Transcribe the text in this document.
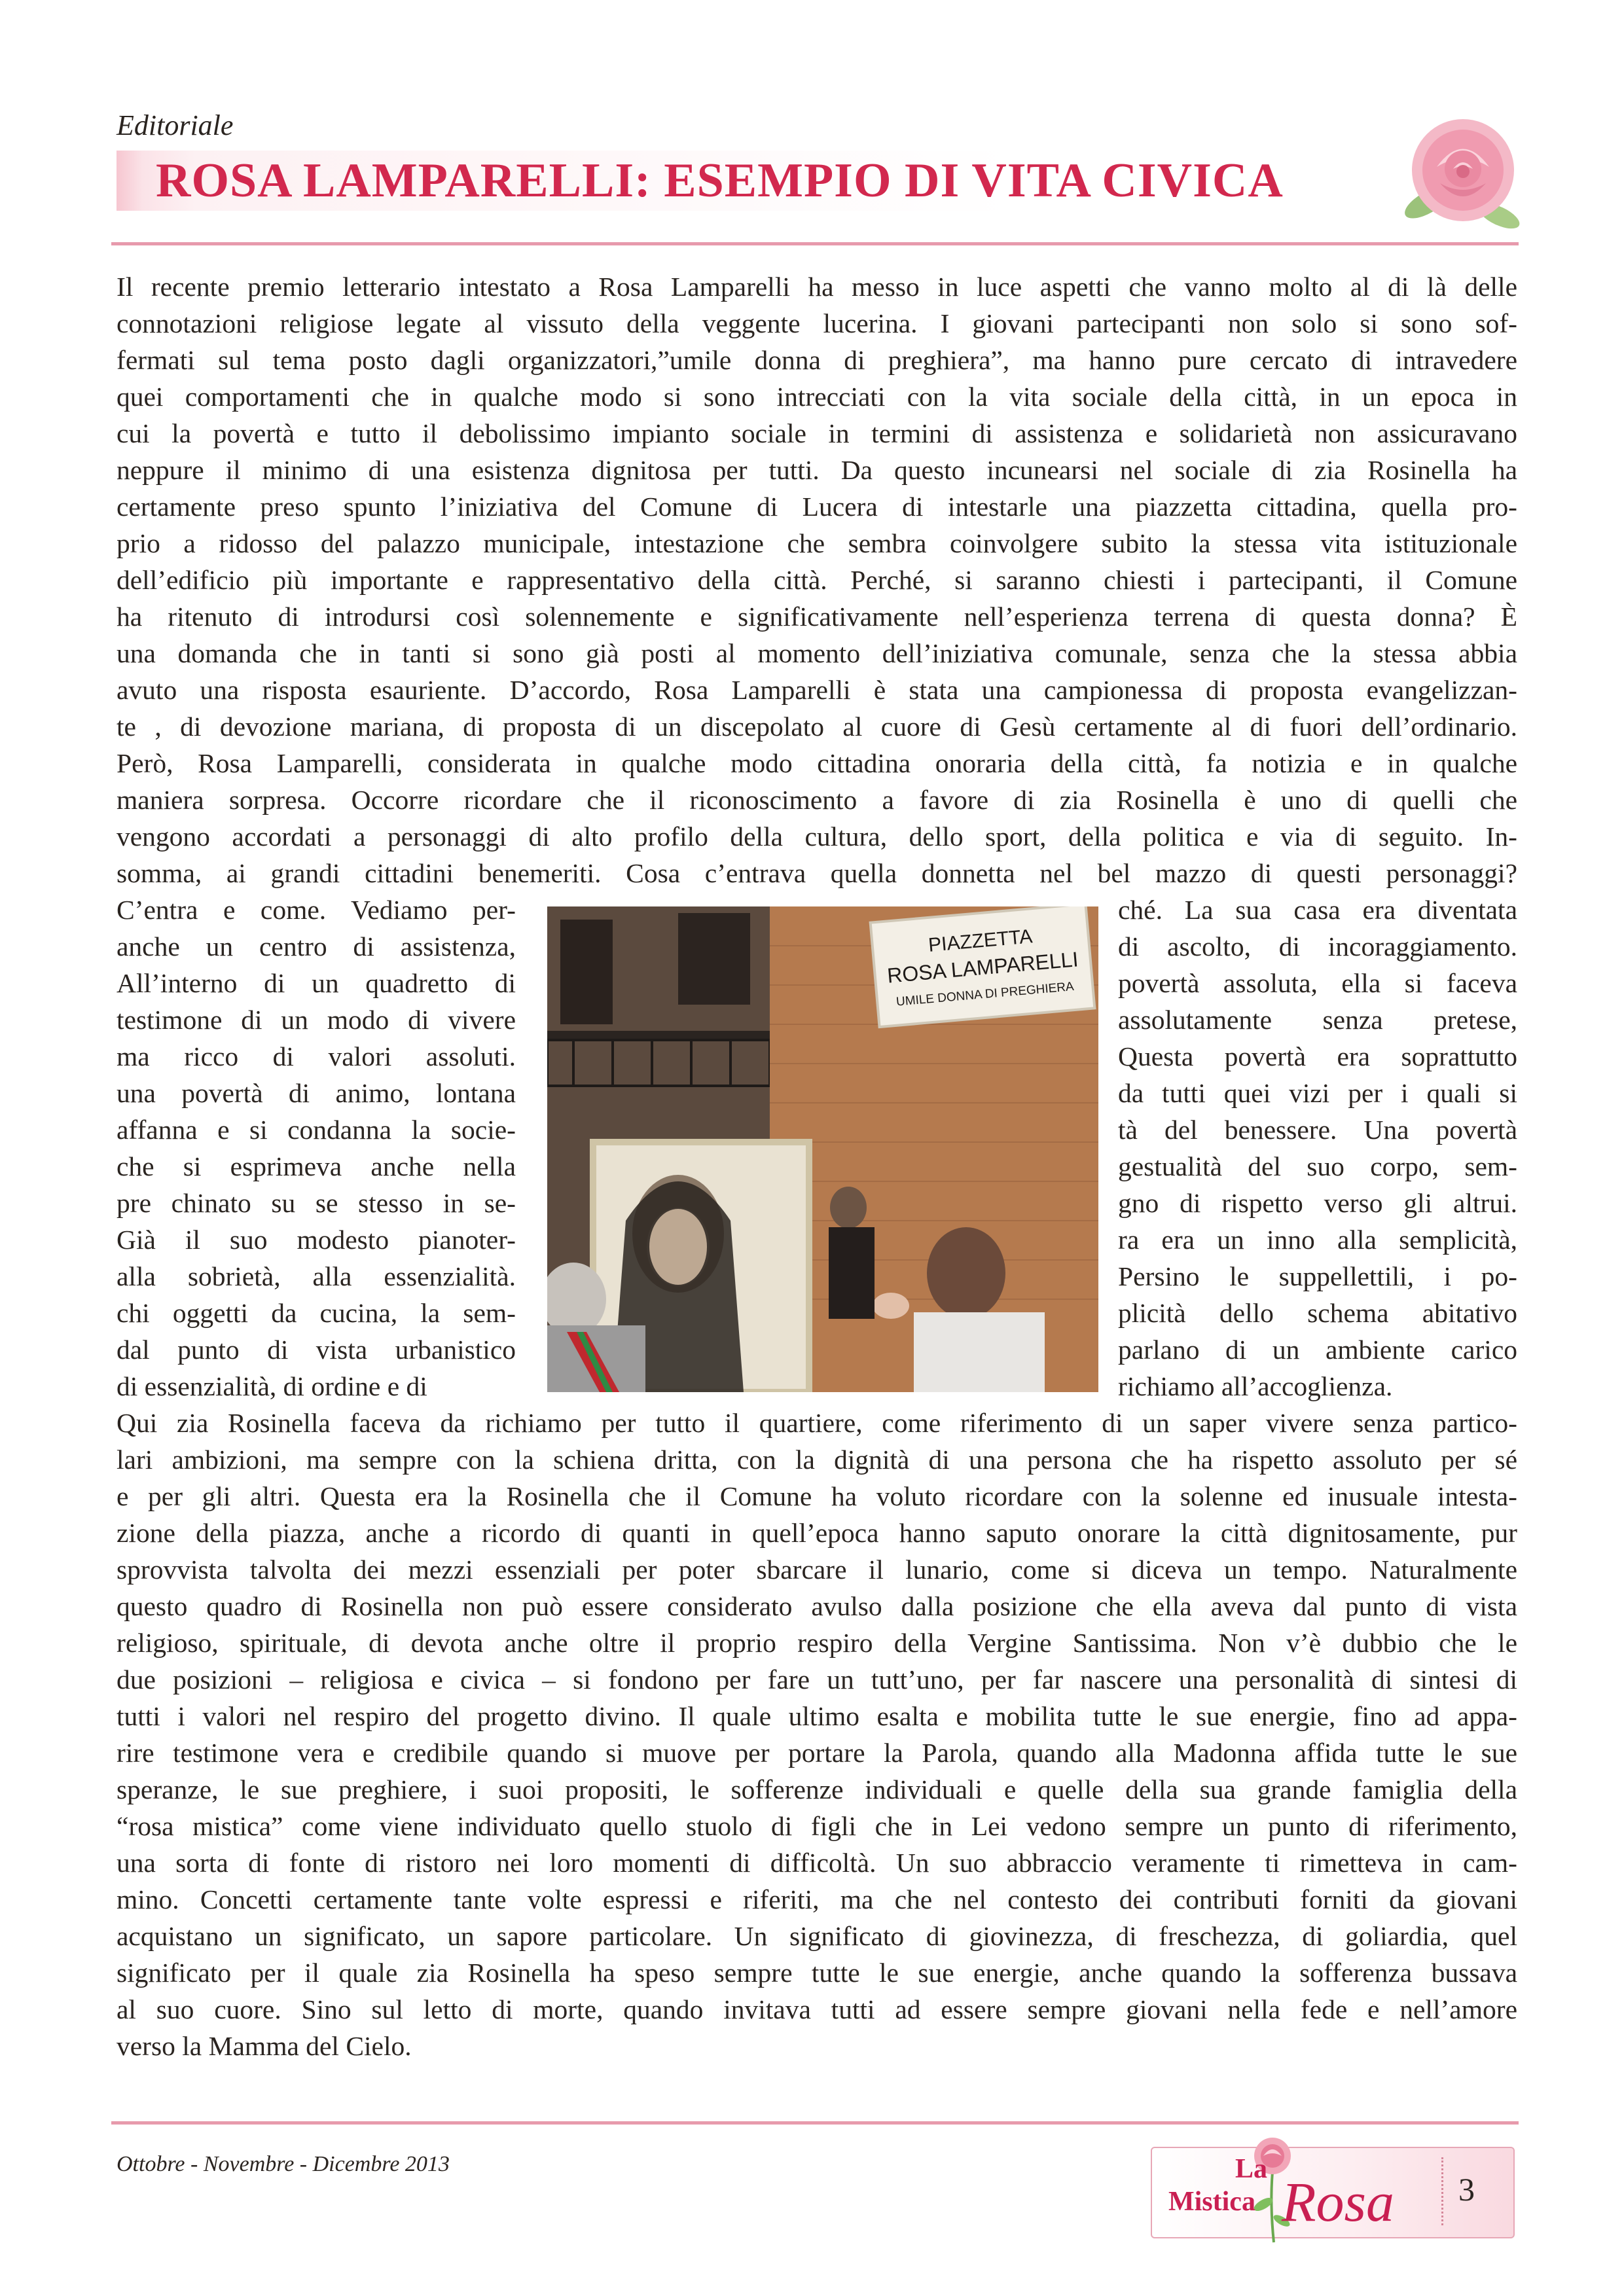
Editoriale
ROSA LAMPARELLI: ESEMPIO DI VITA CIVICA
Il recente premio letterario intestato a Rosa Lamparelli ha messo in luce aspetti che vanno molto al di là delle
connotazioni religiose legate al vissuto della veggente lucerina. I giovani partecipanti non solo si sono sof-
fermati sul tema posto dagli organizzatori,”umile donna di preghiera”, ma hanno pure cercato di intravedere
quei comportamenti che in qualche modo si sono intrecciati con la vita sociale della città, in un epoca in
cui la povertà e tutto il debolissimo impianto sociale in termini di assistenza e solidarietà non assicuravano
neppure il minimo di una esistenza dignitosa per tutti. Da questo incunearsi nel sociale di zia Rosinella ha
certamente preso spunto l’iniziativa del Comune di Lucera di intestarle una piazzetta cittadina, quella pro-
prio a ridosso del palazzo municipale, intestazione che sembra coinvolgere subito la stessa vita istituzionale
dell’edificio più importante e rappresentativo della città. Perché, si saranno chiesti i partecipanti, il Comune
ha ritenuto di introdursi così solennemente e significativamente nell’esperienza terrena di questa donna? È
una domanda che in tanti si sono già posti al momento dell’iniziativa comunale, senza che la stessa abbia
avuto una risposta esauriente. D’accordo, Rosa Lamparelli è stata una campionessa di proposta evangelizzan-
te , di devozione mariana, di proposta di un discepolato al cuore di Gesù certamente al di fuori dell’ordinario.
Però, Rosa Lamparelli, considerata in qualche modo cittadina onoraria della città, fa notizia e in qualche
maniera sorpresa. Occorre ricordare che il riconoscimento a favore di zia Rosinella è uno di quelli che
vengono accordati a personaggi di alto profilo della cultura, dello sport, della politica e via di seguito. In-
somma, ai grandi cittadini benemeriti. Cosa c’entrava quella donnetta nel bel mazzo di questi personaggi?
C’entra e come. Vediamo per-
anche un centro di assistenza,
All’interno di un quadretto di
testimone di un modo di vivere
ma ricco di valori assoluti.
una povertà di animo, lontana
affanna e si condanna la socie-
che si esprimeva anche nella
pre chinato su se stesso in se-
Già il suo modesto pianoter-
alla sobrietà, alla essenzialità.
chi oggetti da cucina, la sem-
dal punto di vista urbanistico
di essenzialità, di ordine e di
ché. La sua casa era diventata
di ascolto, di incoraggiamento.
povertà assoluta, ella si faceva
assolutamente senza pretese,
Questa povertà era soprattutto
da tutti quei vizi per i quali si
tà del benessere. Una povertà
gestualità del suo corpo, sem-
gno di rispetto verso gli altrui.
ra era un inno alla semplicità,
Persino le suppellettili, i po-
plicità dello schema abitativo
parlano di un ambiente carico
richiamo all’accoglienza.
PIAZZETTA
ROSA LAMPARELLI
UMILE DONNA DI PREGHIERA
Qui zia Rosinella faceva da richiamo per tutto il quartiere, come riferimento di un saper vivere senza partico-
lari ambizioni, ma sempre con la schiena dritta, con la dignità di una persona che ha rispetto assoluto per sé
e per gli altri. Questa era la Rosinella che il Comune ha voluto ricordare con la solenne ed inusuale intesta-
zione della piazza, anche a ricordo di quanti in quell’epoca hanno saputo onorare la città dignitosamente, pur
sprovvista talvolta dei mezzi essenziali per poter sbarcare il lunario, come si diceva un tempo. Naturalmente
questo quadro di Rosinella non può essere considerato avulso dalla posizione che ella aveva dal punto di vista
religioso, spirituale, di devota anche oltre il proprio respiro della Vergine Santissima. Non v’è dubbio che le
due posizioni – religiosa e civica – si fondono per fare un tutt’uno, per far nascere una personalità di sintesi di
tutti i valori nel respiro del progetto divino. Il quale ultimo esalta e mobilita tutte le sue energie, fino ad appa-
rire testimone vera e credibile quando si muove per portare la Parola, quando alla Madonna affida tutte le sue
speranze, le sue preghiere, i suoi propositi, le sofferenze individuali e quelle della sua grande famiglia della
“rosa mistica” come viene individuato quello stuolo di figli che in Lei vedono sempre un punto di riferimento,
una sorta di fonte di ristoro nei loro momenti di difficoltà. Un suo abbraccio veramente ti rimetteva in cam-
mino. Concetti certamente tante volte espressi e riferiti, ma che nel contesto dei contributi forniti da giovani
acquistano un significato, un sapore particolare. Un significato di giovinezza, di freschezza, di goliardia, quel
significato per il quale zia Rosinella ha speso sempre tutte le sue energie, anche quando la sofferenza bussava
al suo cuore. Sino sul letto di morte, quando invitava tutti ad essere sempre giovani nella fede e nell’amore
verso la Mamma del Cielo.
Ottobre - Novembre - Dicembre 2013	La
Mistica Rosa 3
